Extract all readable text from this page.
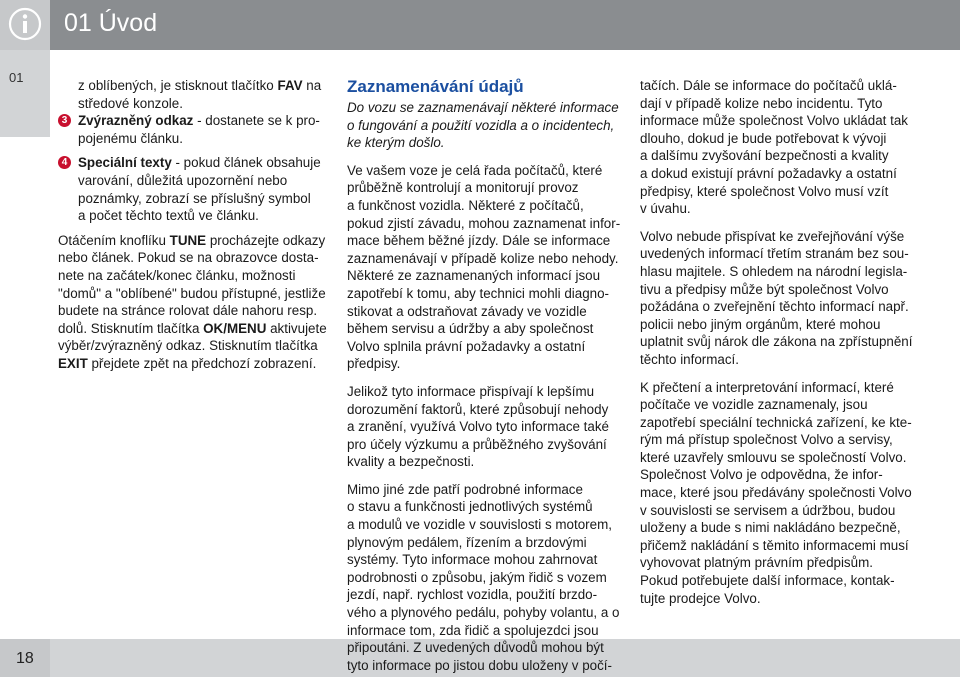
01 Úvod
01
18

z oblíbených, je stisknout tlačítko FAV na
středové konzole.

3 Zvýrazněný odkaz - dostanete se k pro-
pojenému článku.

4 Speciální texty - pokud článek obsahuje
varování, důležitá upozornění nebo
poznámky, zobrazí se příslušný symbol
a počet těchto textů ve článku.

Otáčením knoflíku TUNE procházejte odkazy
nebo článek. Pokud se na obrazovce dosta-
nete na začátek/konec článku, možnosti
"domů" a "oblíbené" budou přístupné, jestliže
budete na stránce rolovat dále nahoru resp.
dolů. Stisknutím tlačítka OK/MENU aktivujete
výběr/zvýrazněný odkaz. Stisknutím tlačítka
EXIT přejdete zpět na předchozí zobrazení.

Zaznamenávání údajů

Do vozu se zaznamenávají některé informace
o fungování a použití vozidla a o incidentech,
ke kterým došlo.

Ve vašem voze je celá řada počítačů, které
průběžně kontrolují a monitorují provoz
a funkčnost vozidla. Některé z počítačů,
pokud zjistí závadu, mohou zaznamenat infor-
mace během běžné jízdy. Dále se informace
zaznamenávají v případě kolize nebo nehody.
Některé ze zaznamenaných informací jsou
zapotřebí k tomu, aby technici mohli diagno-
stikovat a odstraňovat závady ve vozidle
během servisu a údržby a aby společnost
Volvo splnila právní požadavky a ostatní
předpisy.

Jelikož tyto informace přispívají k lepšímu
dorozumění faktorů, které způsobují nehody
a zranění, využívá Volvo tyto informace také
pro účely výzkumu a průběžného zvyšování
kvality a bezpečnosti.

Mimo jiné zde patří podrobné informace
o stavu a funkčnosti jednotlivých systémů
a modulů ve vozidle v souvislosti s motorem,
plynovým pedálem, řízením a brzdovými
systémy. Tyto informace mohou zahrnovat
podrobnosti o způsobu, jakým řidič s vozem
jezdí, např. rychlost vozidla, použití brzdo-
vého a plynového pedálu, pohyby volantu, a o
informace tom, zda řidič a spolujezdci jsou
připoutáni. Z uvedených důvodů mohou být
tyto informace po jistou dobu uloženy v počí-

tačích. Dále se informace do počítačů uklá-
dají v případě kolize nebo incidentu. Tyto
informace může společnost Volvo ukládat tak
dlouho, dokud je bude potřebovat k vývoji
a dalšímu zvyšování bezpečnosti a kvality
a dokud existují právní požadavky a ostatní
předpisy, které společnost Volvo musí vzít
v úvahu.

Volvo nebude přispívat ke zveřejňování výše
uvedených informací třetím stranám bez sou-
hlasu majitele. S ohledem na národní legisla-
tivu a předpisy může být společnost Volvo
požádána o zveřejnění těchto informací např.
policii nebo jiným orgánům, které mohou
uplatnit svůj nárok dle zákona na zpřístupnění
těchto informací.

K přečtení a interpretování informací, které
počítače ve vozidle zaznamenaly, jsou
zapotřebí speciální technická zařízení, ke kte-
rým má přístup společnost Volvo a servisy,
které uzavřely smlouvu se společností Volvo.
Společnost Volvo je odpovědna, že infor-
mace, které jsou předávány společnosti Volvo
v souvislosti se servisem a údržbou, budou
uloženy a bude s nimi nakládáno bezpečně,
přičemž nakládání s těmito informacemi musí
vyhovovat platným právním předpisům.
Pokud potřebujete další informace, kontak-
tujte prodejce Volvo.
